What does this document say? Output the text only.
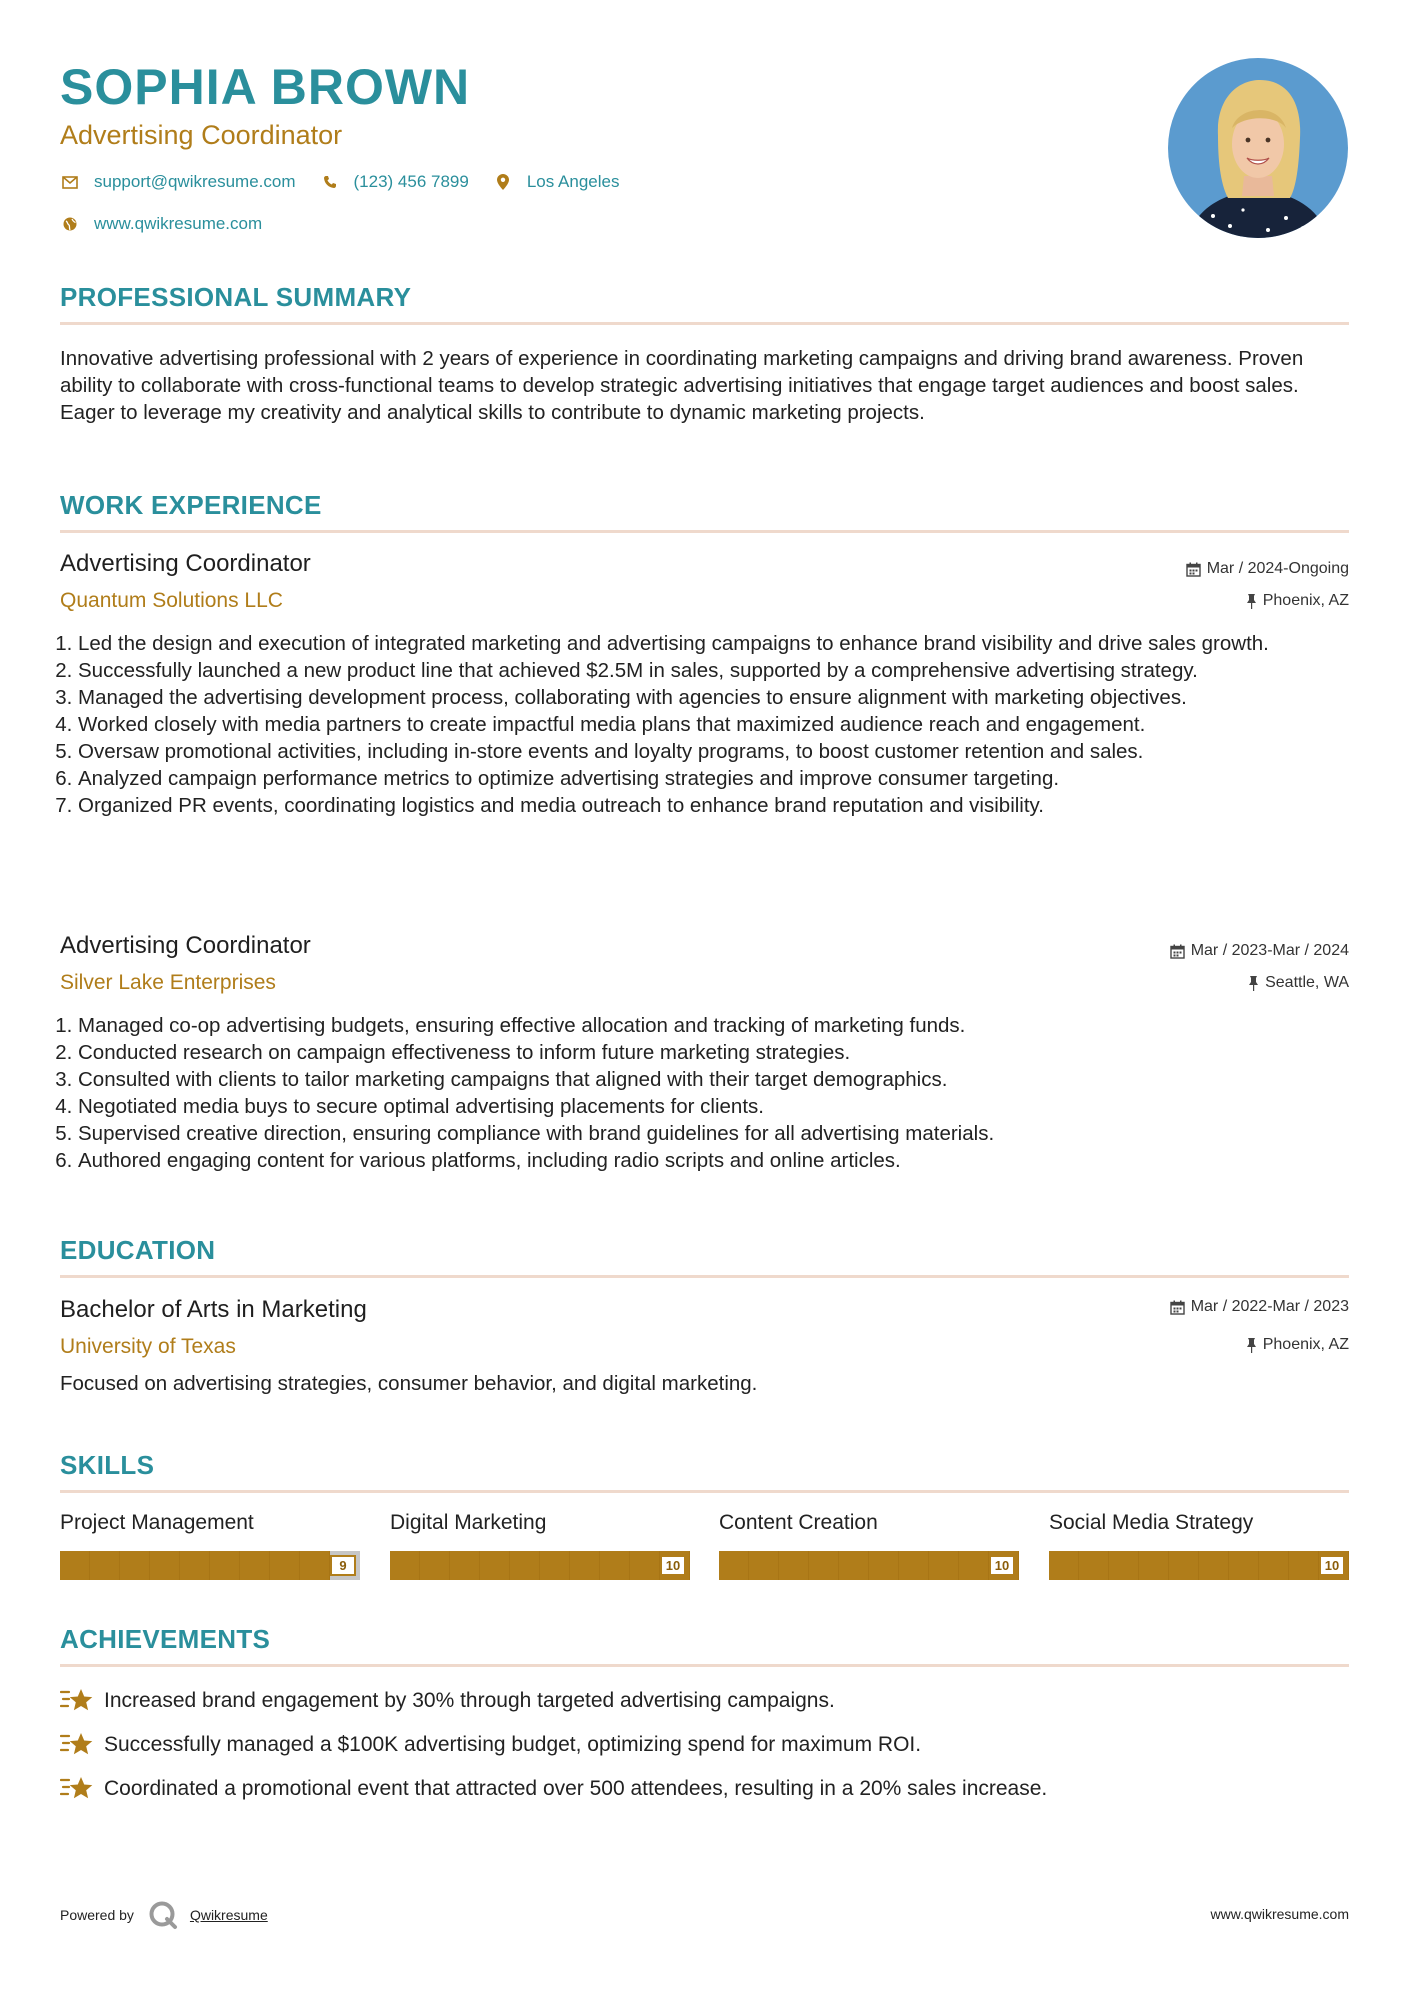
SOPHIA BROWN
Advertising Coordinator
support@qwikresume.com	(123) 456 7899	Los Angeles
www.qwikresume.com
PROFESSIONAL SUMMARY
Innovative advertising professional with 2 years of experience in coordinating marketing campaigns and driving brand awareness. Proven ability to collaborate with cross-functional teams to develop strategic advertising initiatives that engage target audiences and boost sales. Eager to leverage my creativity and analytical skills to contribute to dynamic marketing projects.
WORK EXPERIENCE
Advertising Coordinator
Quantum Solutions LLC
Mar / 2024-Ongoing
Phoenix, AZ
1. Led the design and execution of integrated marketing and advertising campaigns to enhance brand visibility and drive sales growth.
2. Successfully launched a new product line that achieved $2.5M in sales, supported by a comprehensive advertising strategy.
3. Managed the advertising development process, collaborating with agencies to ensure alignment with marketing objectives.
4. Worked closely with media partners to create impactful media plans that maximized audience reach and engagement.
5. Oversaw promotional activities, including in-store events and loyalty programs, to boost customer retention and sales.
6. Analyzed campaign performance metrics to optimize advertising strategies and improve consumer targeting.
7. Organized PR events, coordinating logistics and media outreach to enhance brand reputation and visibility.
Advertising Coordinator
Silver Lake Enterprises
Mar / 2023-Mar / 2024
Seattle, WA
1. Managed co-op advertising budgets, ensuring effective allocation and tracking of marketing funds.
2. Conducted research on campaign effectiveness to inform future marketing strategies.
3. Consulted with clients to tailor marketing campaigns that aligned with their target demographics.
4. Negotiated media buys to secure optimal advertising placements for clients.
5. Supervised creative direction, ensuring compliance with brand guidelines for all advertising materials.
6. Authored engaging content for various platforms, including radio scripts and online articles.
EDUCATION
Bachelor of Arts in Marketing
University of Texas
Mar / 2022-Mar / 2023
Phoenix, AZ
Focused on advertising strategies, consumer behavior, and digital marketing.
SKILLS
Project Management
9
Digital Marketing
10
Content Creation
10
Social Media Strategy
10
ACHIEVEMENTS
Increased brand engagement by 30% through targeted advertising campaigns.
Successfully managed a $100K advertising budget, optimizing spend for maximum ROI.
Coordinated a promotional event that attracted over 500 attendees, resulting in a 20% sales increase.
Powered by	Qwikresume	www.qwikresume.com
